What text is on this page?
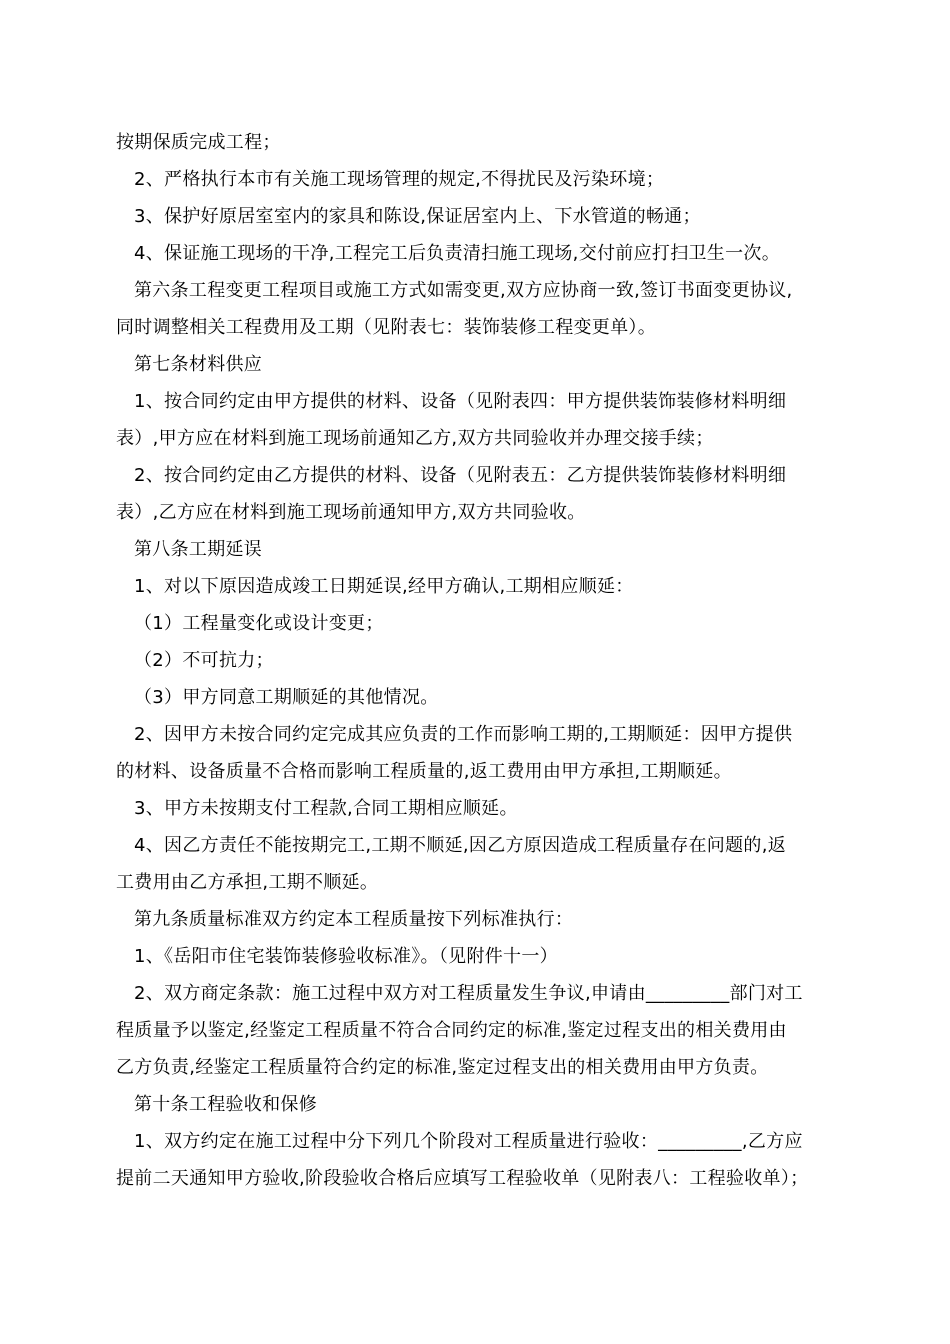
按期保质完成工程；

2、严格执行本市有关施工现场管理的规定,不得扰民及污染环境；

3、保护好原居室室内的家具和陈设,保证居室内上、下水管道的畅通；

4、保证施工现场的干净,工程完工后负责清扫施工现场,交付前应打扫卫生一次。

第六条工程变更工程项目或施工方式如需变更,双方应协商一致,签订书面变更协议,

同时调整相关工程费用及工期（见附表七：装饰装修工程变更单）。

第七条材料供应

1、按合同约定由甲方提供的材料、设备（见附表四：甲方提供装饰装修材料明细

表）,甲方应在材料到施工现场前通知乙方,双方共同验收并办理交接手续；

2、按合同约定由乙方提供的材料、设备（见附表五：乙方提供装饰装修材料明细

表）,乙方应在材料到施工现场前通知甲方,双方共同验收。

第八条工期延误

1、对以下原因造成竣工日期延误,经甲方确认,工期相应顺延：

（1）工程量变化或设计变更；

（2）不可抗力；

（3）甲方同意工期顺延的其他情况。

2、因甲方未按合同约定完成其应负责的工作而影响工期的,工期顺延：因甲方提供

的材料、设备质量不合格而影响工程质量的,返工费用由甲方承担,工期顺延。

3、甲方未按期支付工程款,合同工期相应顺延。

4、因乙方责任不能按期完工,工期不顺延,因乙方原因造成工程质量存在问题的,返

工费用由乙方承担,工期不顺延。

第九条质量标准双方约定本工程质量按下列标准执行：

1、《岳阳市住宅装饰装修验收标准》。（见附件十一）

2、双方商定条款：施工过程中双方对工程质量发生争议,申请由_________部门对工

程质量予以鉴定,经鉴定工程质量不符合合同约定的标准,鉴定过程支出的相关费用由

乙方负责,经鉴定工程质量符合约定的标准,鉴定过程支出的相关费用由甲方负责。

第十条工程验收和保修

1、双方约定在施工过程中分下列几个阶段对工程质量进行验收：_________,乙方应

提前二天通知甲方验收,阶段验收合格后应填写工程验收单（见附表八：工程验收单）；
